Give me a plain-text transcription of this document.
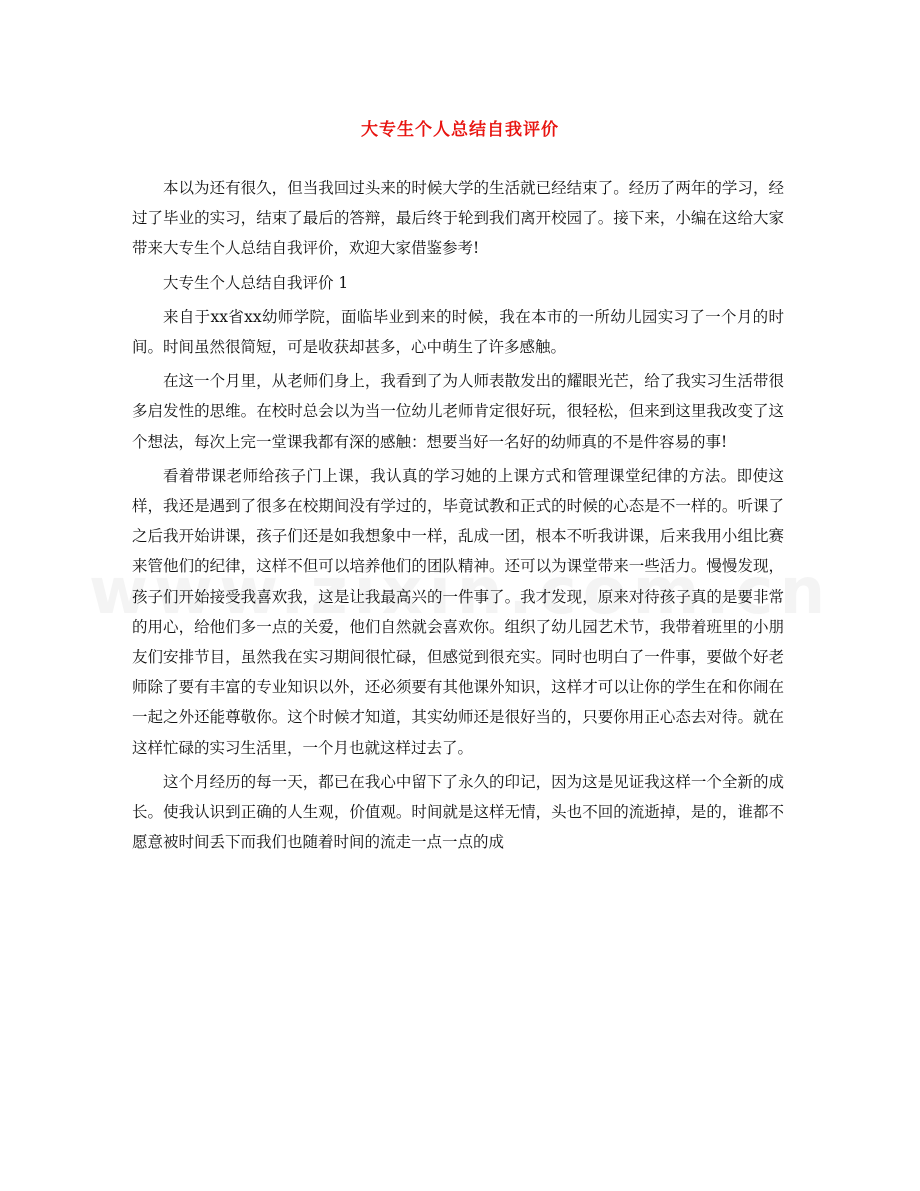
大专生个人总结自我评价

本以为还有很久，但当我回过头来的时候大学的生活就已经结束了。经历了两年的学习，经过了毕业的实习，结束了最后的答辩，最后终于轮到我们离开校园了。接下来，小编在这给大家带来大专生个人总结自我评价，欢迎大家借鉴参考!

大专生个人总结自我评价 1

来自于xx省xx幼师学院，面临毕业到来的时候，我在本市的一所幼儿园实习了一个月的时间。时间虽然很简短，可是收获却甚多，心中萌生了许多感触。

在这一个月里，从老师们身上，我看到了为人师表散发出的耀眼光芒，给了我实习生活带很多启发性的思维。在校时总会以为当一位幼儿老师肯定很好玩，很轻松，但来到这里我改变了这个想法，每次上完一堂课我都有深的感触：想要当好一名好的幼师真的不是件容易的事!

看着带课老师给孩子门上课，我认真的学习她的上课方式和管理课堂纪律的方法。即使这样，我还是遇到了很多在校期间没有学过的，毕竟试教和正式的时候的心态是不一样的。听课了之后我开始讲课，孩子们还是如我想象中一样，乱成一团，根本不听我讲课，后来我用小组比赛来管他们的纪律，这样不但可以培养他们的团队精神。还可以为课堂带来一些活力。慢慢发现，孩子们开始接受我喜欢我，这是让我最高兴的一件事了。我才发现，原来对待孩子真的是要非常的用心，给他们多一点的关爱，他们自然就会喜欢你。组织了幼儿园艺术节，我带着班里的小朋友们安排节目，虽然我在实习期间很忙碌，但感觉到很充实。同时也明白了一件事，要做个好老师除了要有丰富的专业知识以外，还必须要有其他课外知识，这样才可以让你的学生在和你闹在一起之外还能尊敬你。这个时候才知道，其实幼师还是很好当的，只要你用正心态去对待。就在这样忙碌的实习生活里，一个月也就这样过去了。

这个月经历的每一天，都已在我心中留下了永久的印记，因为这是见证我这样一个全新的成长。使我认识到正确的人生观，价值观。时间就是这样无情，头也不回的流逝掉，是的，谁都不愿意被时间丢下而我们也随着时间的流走一点一点的成
